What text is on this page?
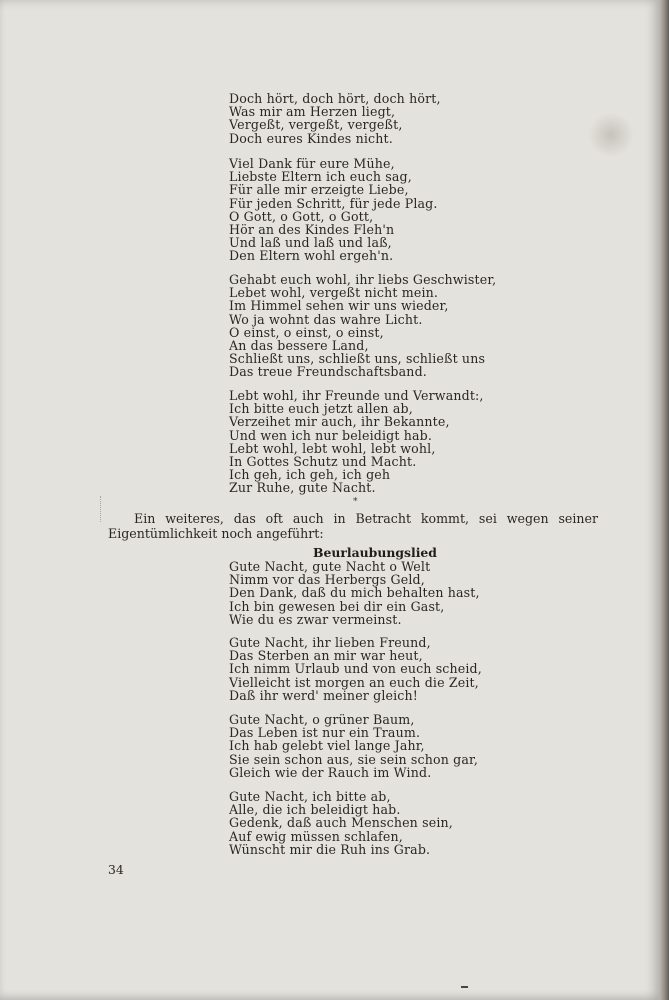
Doch hört, doch hört, doch hört,
Was mir am Herzen liegt,
Vergeßt, vergeßt, vergeßt,
Doch eures Kindes nicht.
Viel Dank für eure Mühe,
Liebste Eltern ich euch sag,
Für alle mir erzeigte Liebe,
Für jeden Schritt, für jede Plag.
O Gott, o Gott, o Gott,
Hör an des Kindes Fleh'n
Und laß und laß und laß,
Den Eltern wohl ergeh'n.
Gehabt euch wohl, ihr liebs Geschwister,
Lebet wohl, vergeßt nicht mein.
Im Himmel sehen wir uns wieder,
Wo ja wohnt das wahre Licht.
O einst, o einst, o einst,
An das bessere Land,
Schließt uns, schließt uns, schließt uns
Das treue Freundschaftsband.
Lebt wohl, ihr Freunde und Verwandt:,
Ich bitte euch jetzt allen ab,
Verzeihet mir auch, ihr Bekannte,
Und wen ich nur beleidigt hab.
Lebt wohl, lebt wohl, lebt wohl,
In Gottes Schutz und Macht.
Ich geh, ich geh, ich geh
Zur Ruhe, gute Nacht.
*

Ein weiteres, das oft auch in Betracht kommt, sei wegen seiner Eigentümlichkeit noch angeführt:

Beurlaubungslied
Gute Nacht, gute Nacht o Welt
Nimm vor das Herbergs Geld,
Den Dank, daß du mich behalten hast,
Ich bin gewesen bei dir ein Gast,
Wie du es zwar vermeinst.
Gute Nacht, ihr lieben Freund,
Das Sterben an mir war heut,
Ich nimm Urlaub und von euch scheid,
Vielleicht ist morgen an euch die Zeit,
Daß ihr werd' meiner gleich!
Gute Nacht, o grüner Baum,
Das Leben ist nur ein Traum.
Ich hab gelebt viel lange Jahr,
Sie sein schon aus, sie sein schon gar,
Gleich wie der Rauch im Wind.
Gute Nacht, ich bitte ab,
Alle, die ich beleidigt hab.
Gedenk, daß auch Menschen sein,
Auf ewig müssen schlafen,
Wünscht mir die Ruh ins Grab.
34
